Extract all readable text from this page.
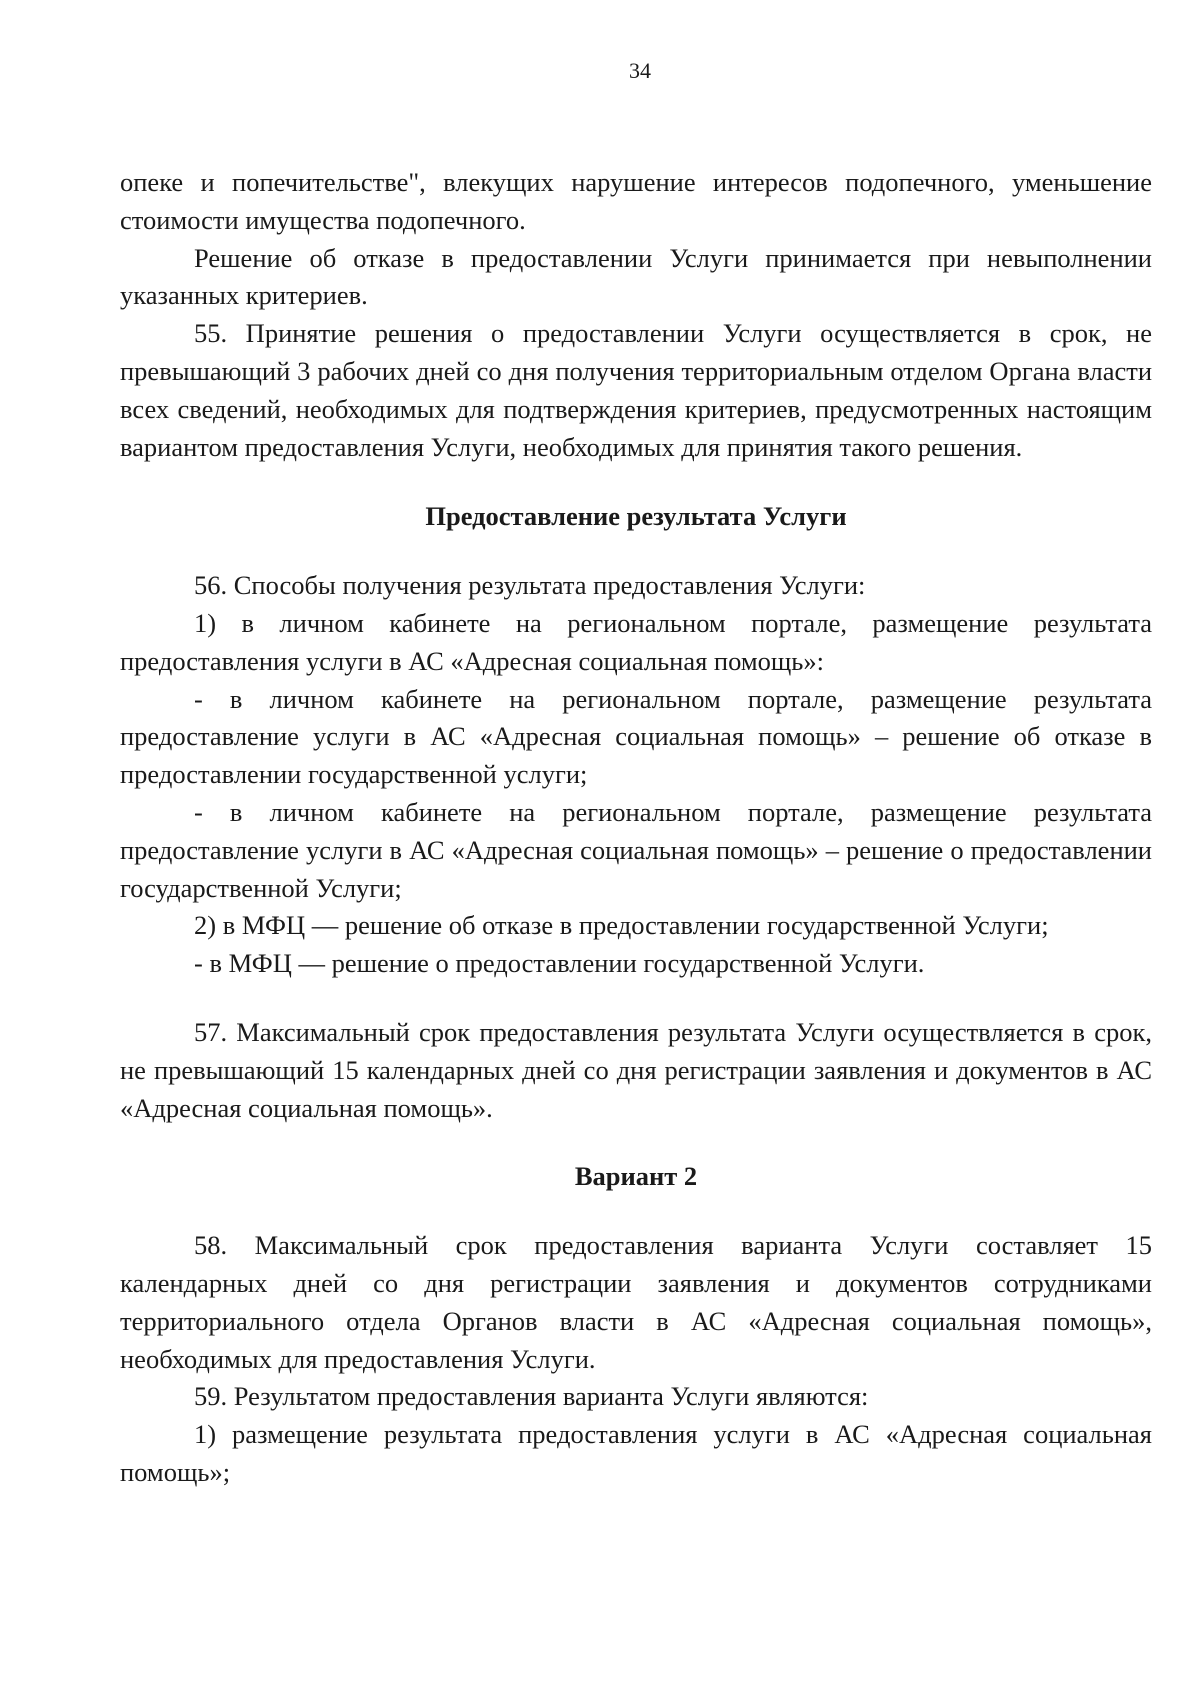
34

опеке и попечительстве", влекущих нарушение интересов подопечного, уменьшение стоимости имущества подопечного.

Решение об отказе в предоставлении Услуги принимается при невыполнении указанных критериев.

55. Принятие решения о предоставлении Услуги осуществляется в срок, не превышающий 3 рабочих дней со дня получения территориальным отделом Органа власти всех сведений, необходимых для подтверждения критериев, предусмотренных настоящим вариантом предоставления Услуги, необходимых для принятия такого решения.

Предоставление результата Услуги

56. Способы получения результата предоставления Услуги:

1) в личном кабинете на региональном портале, размещение результата предоставления услуги в АС «Адресная социальная помощь»:

- в личном кабинете на региональном портале, размещение результата предоставление услуги в АС «Адресная социальная помощь» – решение об отказе в предоставлении государственной услуги;

- в личном кабинете на региональном портале, размещение результата предоставление услуги в АС «Адресная социальная помощь» – решение о предоставлении государственной Услуги;

2) в МФЦ — решение об отказе в предоставлении государственной Услуги;

- в МФЦ — решение о предоставлении государственной Услуги.

57. Максимальный срок предоставления результата Услуги осуществляется в срок, не превышающий 15 календарных дней со дня регистрации заявления и документов в АС «Адресная социальная помощь».

Вариант 2

58. Максимальный срок предоставления варианта Услуги составляет 15 календарных дней со дня регистрации заявления и документов сотрудниками территориального отдела Органов власти в АС «Адресная социальная помощь», необходимых для предоставления Услуги.

59. Результатом предоставления варианта Услуги являются:

1) размещение результата предоставления услуги в АС «Адресная социальная помощь»;
